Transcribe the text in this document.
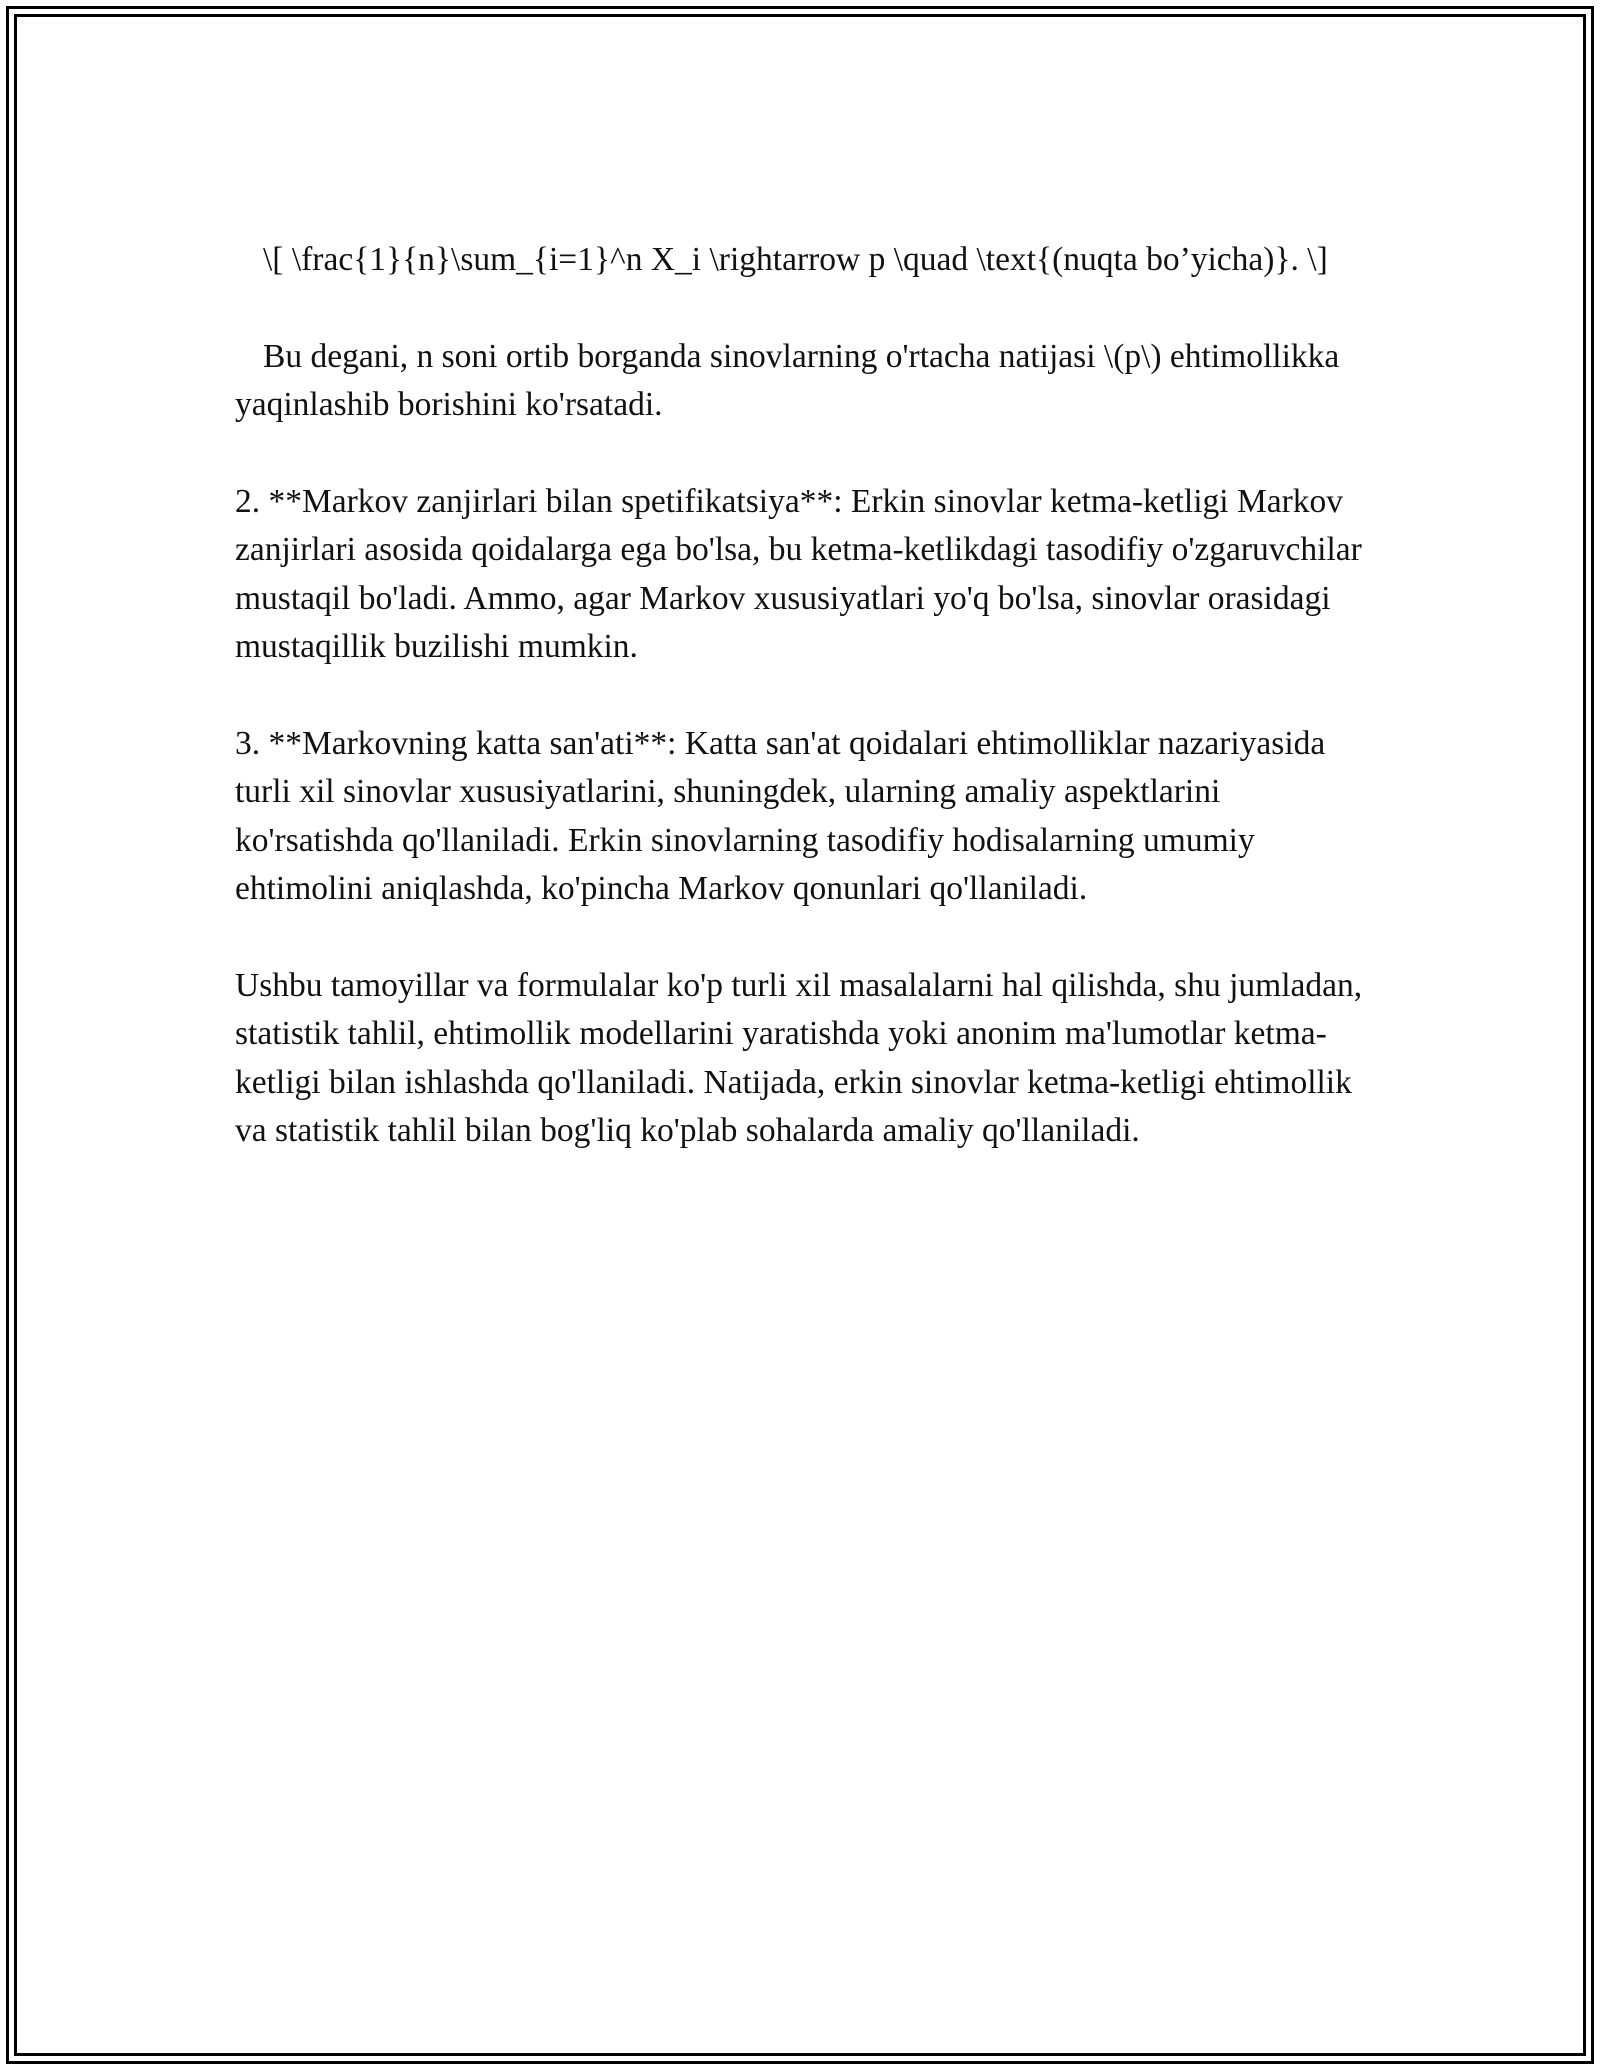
\[ \frac{1}{n}\sum_{i=1}^n X_i \rightarrow p \quad \text{(nuqta bo’yicha)}. \]

Bu degani, n soni ortib borganda sinovlarning o'rtacha natijasi \(p\) ehtimollikka yaqinlashib borishini ko'rsatadi.

2. **Markov zanjirlari bilan spetifikatsiya**: Erkin sinovlar ketma-ketligi Markov zanjirlari asosida qoidalarga ega bo'lsa, bu ketma-ketlikdagi tasodifiy o'zgaruvchilar mustaqil bo'ladi. Ammo, agar Markov xususiyatlari yo'q bo'lsa, sinovlar orasidagi mustaqillik buzilishi mumkin.

3. **Markovning katta san'ati**: Katta san'at qoidalari ehtimolliklar nazariyasida turli xil sinovlar xususiyatlarini, shuningdek, ularning amaliy aspektlarini ko'rsatishda qo'llaniladi. Erkin sinovlarning tasodifiy hodisalarning umumiy ehtimolini aniqlashda, ko'pincha Markov qonunlari qo'llaniladi.

Ushbu tamoyillar va formulalar ko'p turli xil masalalarni hal qilishda, shu jumladan, statistik tahlil, ehtimollik modellarini yaratishda yoki anonim ma'lumotlar ketma-ketligi bilan ishlashda qo'llaniladi. Natijada, erkin sinovlar ketma-ketligi ehtimollik va statistik tahlil bilan bog'liq ko'plab sohalarda amaliy qo'llaniladi.
